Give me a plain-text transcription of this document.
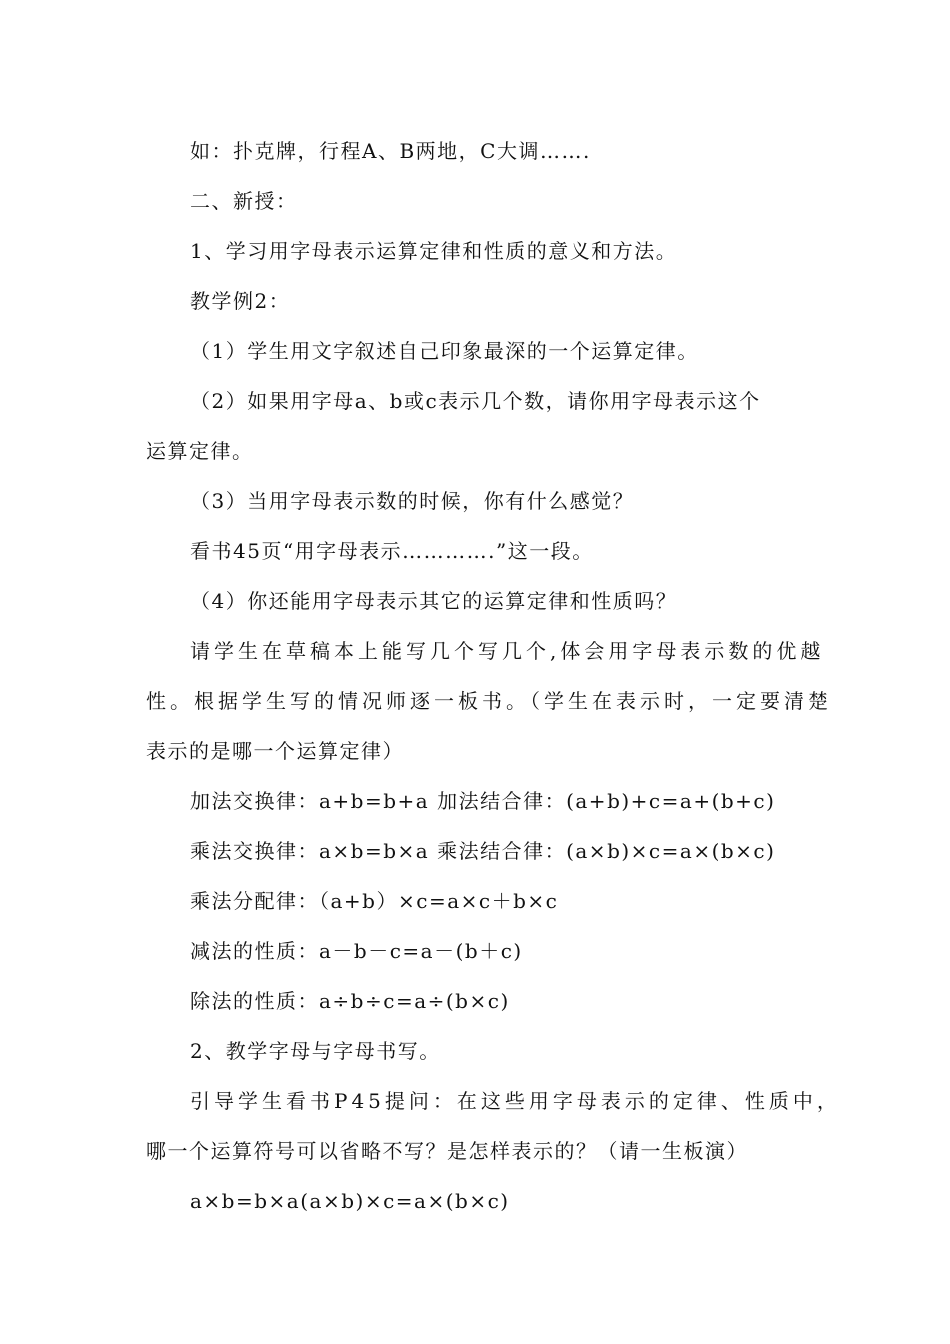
如：扑克牌，行程A、B两地，C大调…….
二、新授：
1、学习用字母表示运算定律和性质的意义和方法。
教学例2：
（1）学生用文字叙述自己印象最深的一个运算定律。
（2）如果用字母a、b或c表示几个数，请你用字母表示这个
运算定律。
（3）当用字母表示数的时候，你有什么感觉？
看书45页“用字母表示………….”这一段。
（4）你还能用字母表示其它的运算定律和性质吗？
请学生在草稿本上能写几个写几个,体会用字母表示数的优越
性。根据学生写的情况师逐一板书。（学生在表示时，一定要清楚
表示的是哪一个运算定律）
加法交换律：a+b=b+a 加法结合律：(a+b)+c=a+(b+c)
乘法交换律：a×b=b×a 乘法结合律：(a×b)×c=a×(b×c)
乘法分配律：（a+b）×c=a×c＋b×c
减法的性质：a－b－c=a－(b＋c)
除法的性质：a÷b÷c=a÷(b×c)
2、教学字母与字母书写。
引导学生看书P45提问：在这些用字母表示的定律、性质中，
哪一个运算符号可以省略不写？是怎样表示的？（请一生板演）
a×b=b×a(a×b)×c=a×(b×c)
